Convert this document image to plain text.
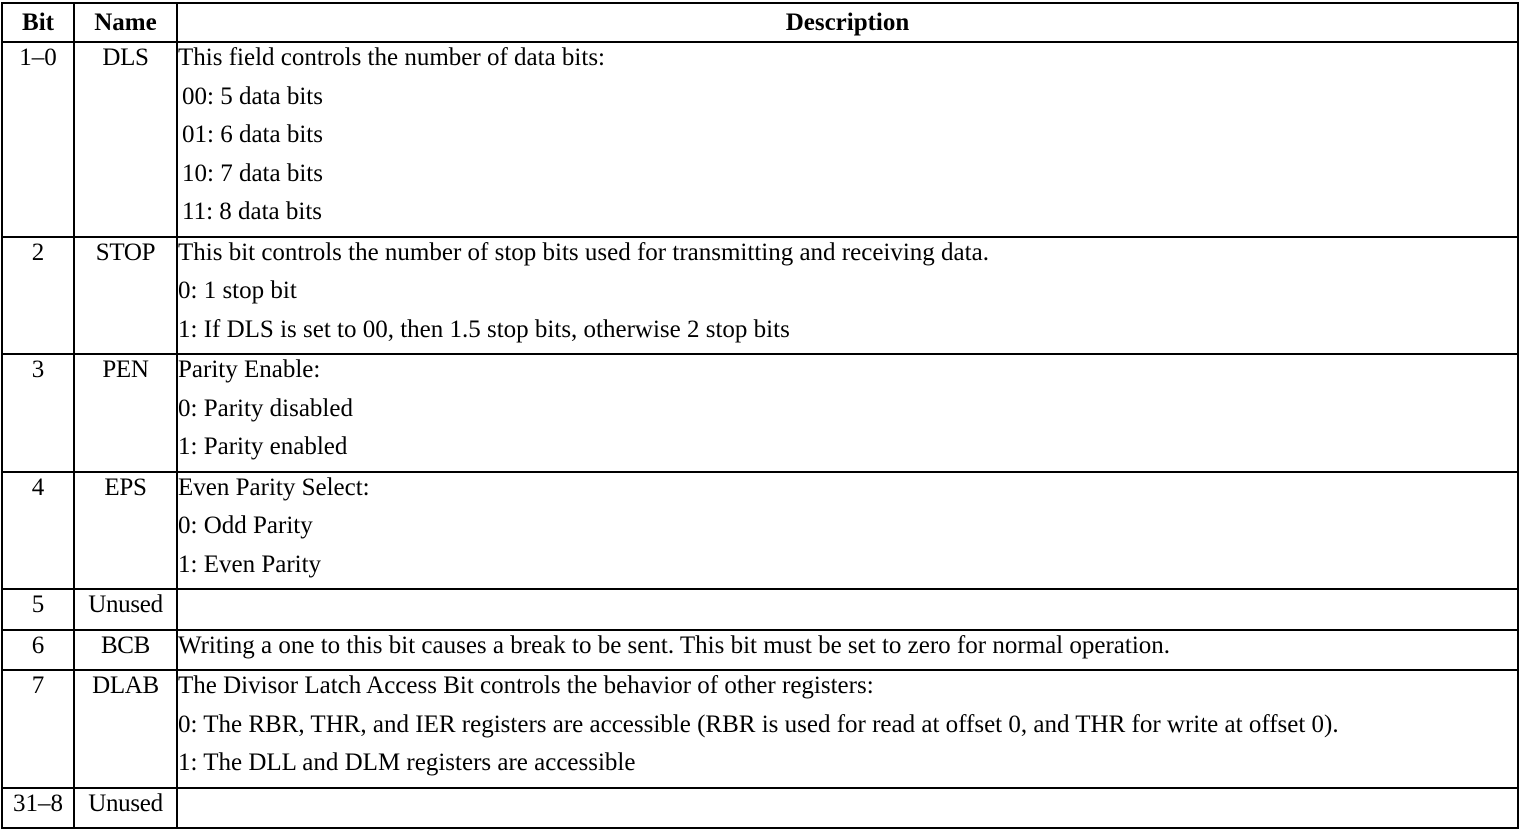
Bit	Name	Description
1–0	DLS	This field controls the number of data bits:
00: 5 data bits
01: 6 data bits
10: 7 data bits
11: 8 data bits

2	STOP	This bit controls the number of stop bits used for transmitting and receiving data.
0: 1 stop bit
1: If DLS is set to 00, then 1.5 stop bits, otherwise 2 stop bits

3	PEN	Parity Enable:
0: Parity disabled
1: Parity enabled

4	EPS	Even Parity Select:
0: Odd Parity
1: Even Parity

5	Unused	

6	BCB	Writing a one to this bit causes a break to be sent. This bit must be set to zero for normal operation.

7	DLAB	The Divisor Latch Access Bit controls the behavior of other registers:
0: The RBR, THR, and IER registers are accessible (RBR is used for read at offset 0, and THR for write at offset 0).
1: The DLL and DLM registers are accessible

31–8	Unused	
